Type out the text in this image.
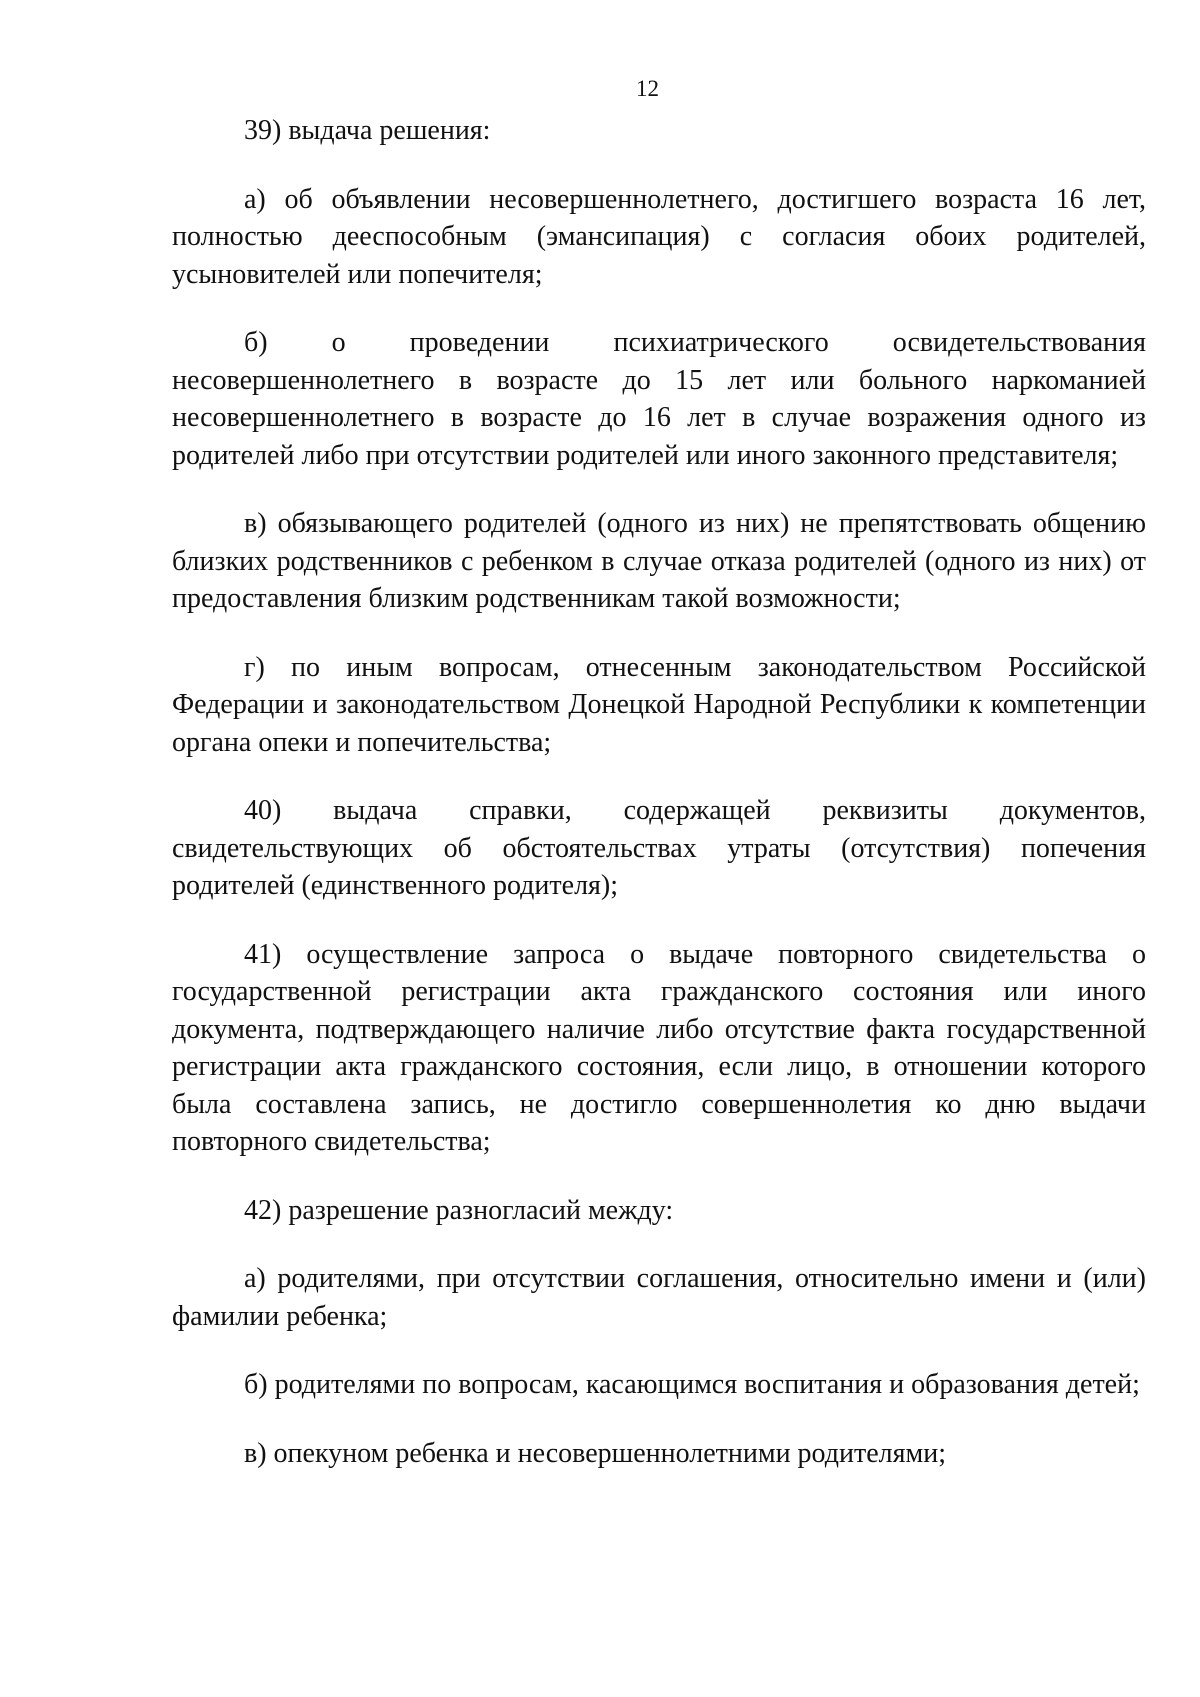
12

39) выдача решения:

а) об объявлении несовершеннолетнего, достигшего возраста 16 лет, полностью дееспособным (эмансипация) с согласия обоих родителей, усыновителей или попечителя;

б) о проведении психиатрического освидетельствования несовершеннолетнего в возрасте до 15 лет или больного наркоманией несовершеннолетнего в возрасте до 16 лет в случае возражения одного из родителей либо при отсутствии родителей или иного законного представителя;

в) обязывающего родителей (одного из них) не препятствовать общению близких родственников с ребенком в случае отказа родителей (одного из них) от предоставления близким родственникам такой возможности;

г) по иным вопросам, отнесенным законодательством Российской Федерации и законодательством Донецкой Народной Республики к компетенции органа опеки и попечительства;

40) выдача справки, содержащей реквизиты документов, свидетельствующих об обстоятельствах утраты (отсутствия) попечения родителей (единственного родителя);

41) осуществление запроса о выдаче повторного свидетельства о государственной регистрации акта гражданского состояния или иного документа, подтверждающего наличие либо отсутствие факта государственной регистрации акта гражданского состояния, если лицо, в отношении которого была составлена запись, не достигло совершеннолетия ко дню выдачи повторного свидетельства;

42) разрешение разногласий между:

а) родителями, при отсутствии соглашения, относительно имени и (или) фамилии ребенка;

б) родителями по вопросам, касающимся воспитания и образования детей;

в) опекуном ребенка и несовершеннолетними родителями;
